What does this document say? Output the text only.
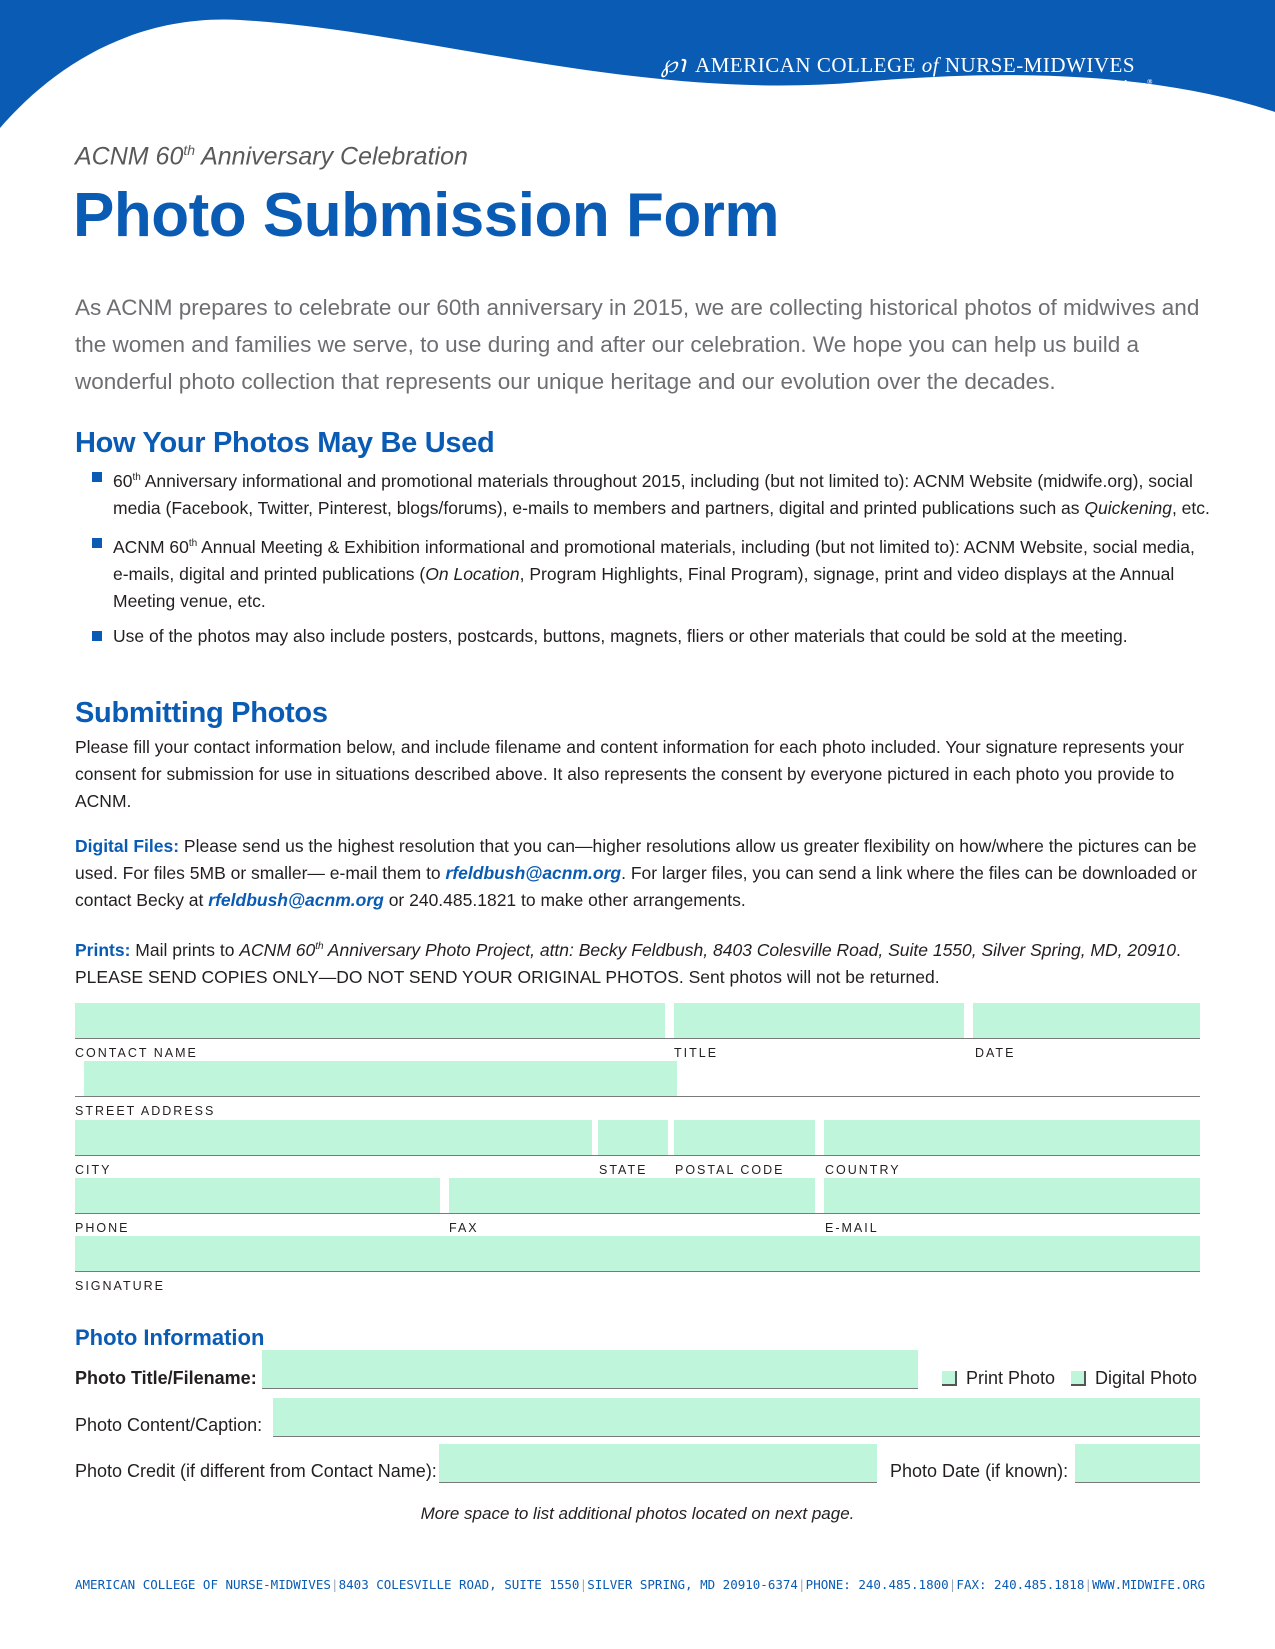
℘℩ AMERICAN COLLEGE of NURSE-MIDWIVES
With women, for a lifetime®
ACNM 60th Anniversary Celebration
Photo Submission Form
As ACNM prepares to celebrate our 60th anniversary in 2015, we are collecting historical photos of midwives and the women and families we serve, to use during and after our celebration. We hope you can help us build a wonderful photo collection that represents our unique heritage and our evolution over the decades.
How Your Photos May Be Used
60th Anniversary informational and promotional materials throughout 2015, including (but not limited to): ACNM Website (midwife.org), social media (Facebook, Twitter, Pinterest, blogs/forums), e-mails to members and partners, digital and printed publications such as Quickening, etc.
ACNM 60th Annual Meeting & Exhibition informational and promotional materials, including (but not limited to): ACNM Website, social media, e-mails, digital and printed publications (On Location, Program Highlights, Final Program), signage, print and video displays at the Annual Meeting venue, etc.
Use of the photos may also include posters, postcards, buttons, magnets, fliers or other materials that could be sold at the meeting.
Submitting Photos
Please fill your contact information below, and include filename and content information for each photo included. Your signature represents your consent for submission for use in situations described above. It also represents the consent by everyone pictured in each photo you provide to ACNM.
Digital Files: Please send us the highest resolution that you can—higher resolutions allow us greater flexibility on how/where the pictures can be used. For files 5MB or smaller— e-mail them to rfeldbush@acnm.org. For larger files, you can send a link where the files can be downloaded or contact Becky at rfeldbush@acnm.org or 240.485.1821 to make other arrangements.
Prints: Mail prints to ACNM 60th Anniversary Photo Project, attn: Becky Feldbush, 8403 Colesville Road, Suite 1550, Silver Spring, MD, 20910.
PLEASE SEND COPIES ONLY—DO NOT SEND YOUR ORIGINAL PHOTOS. Sent photos will not be returned.
CONTACT NAME	TITLE	DATE
STREET ADDRESS
CITY	STATE POSTAL CODE	COUNTRY
PHONE	FAX	E-MAIL
SIGNATURE
Photo Information
Photo Title/Filename:	Print Photo Digital Photo
Photo Content/Caption:
Photo Credit (if different from Contact Name):	Photo Date (if known):
More space to list additional photos located on next page.
AMERICAN COLLEGE OF NURSE-MIDWIVES | 8403 COLESVILLE ROAD, SUITE 1550 | SILVER SPRING, MD 20910-6374 | PHONE: 240.485.1800 | FAX: 240.485.1818 | WWW.MIDWIFE.ORG
